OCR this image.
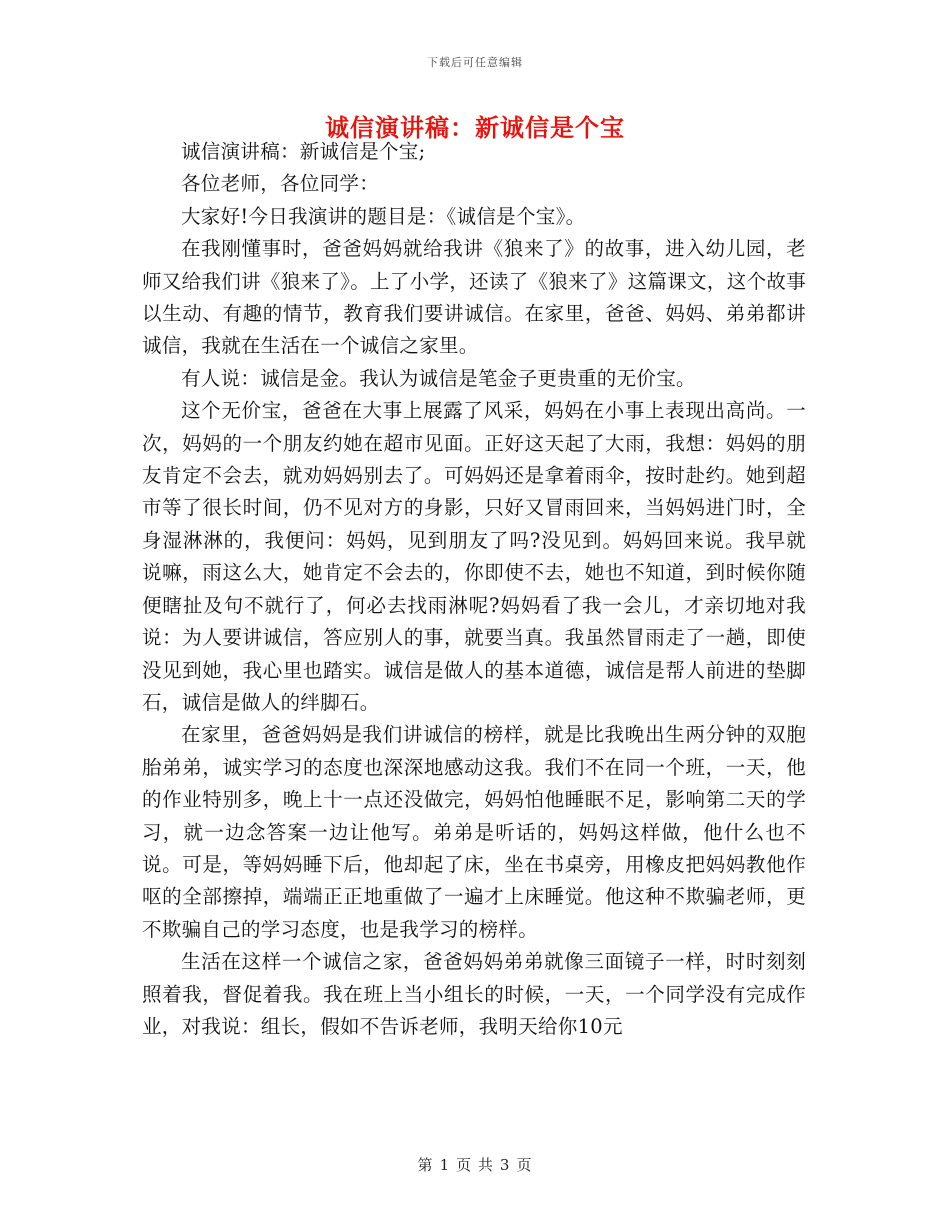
下载后可任意编辑
诚信演讲稿：新诚信是个宝

诚信演讲稿：新诚信是个宝;

各位老师，各位同学：

大家好!今日我演讲的题目是：《诚信是个宝》。

在我刚懂事时，爸爸妈妈就给我讲《狼来了》的故事，进入幼儿园，老师又给我们讲《狼来了》。上了小学，还读了《狼来了》这篇课文，这个故事以生动、有趣的情节，教育我们要讲诚信。在家里，爸爸、妈妈、弟弟都讲诚信，我就在生活在一个诚信之家里。

有人说：诚信是金。我认为诚信是笔金子更贵重的无价宝。

这个无价宝，爸爸在大事上展露了风采，妈妈在小事上表现出高尚。一次，妈妈的一个朋友约她在超市见面。正好这天起了大雨，我想：妈妈的朋友肯定不会去，就劝妈妈别去了。可妈妈还是拿着雨伞，按时赴约。她到超市等了很长时间，仍不见对方的身影，只好又冒雨回来，当妈妈进门时，全身湿淋淋的，我便问：妈妈，见到朋友了吗?没见到。妈妈回来说。我早就说嘛，雨这么大，她肯定不会去的，你即使不去，她也不知道，到时候你随便瞎扯及句不就行了，何必去找雨淋呢?妈妈看了我一会儿，才亲切地对我说：为人要讲诚信，答应别人的事，就要当真。我虽然冒雨走了一趟，即使没见到她，我心里也踏实。诚信是做人的基本道德，诚信是帮人前进的垫脚石，诚信是做人的绊脚石。

在家里，爸爸妈妈是我们讲诚信的榜样，就是比我晚出生两分钟的双胞胎弟弟，诚实学习的态度也深深地感动这我。我们不在同一个班，一天，他的作业特别多，晚上十一点还没做完，妈妈怕他睡眠不足，影响第二天的学习，就一边念答案一边让他写。弟弟是听话的，妈妈这样做，他什么也不说。可是，等妈妈睡下后，他却起了床，坐在书桌旁，用橡皮把妈妈教他作呕的全部擦掉，端端正正地重做了一遍才上床睡觉。他这种不欺骗老师，更不欺骗自己的学习态度，也是我学习的榜样。

生活在这样一个诚信之家，爸爸妈妈弟弟就像三面镜子一样，时时刻刻照着我，督促着我。我在班上当小组长的时候，一天，一个同学没有完成作业，对我说：组长，假如不告诉老师，我明天给你10元

第 1 页 共 3 页
